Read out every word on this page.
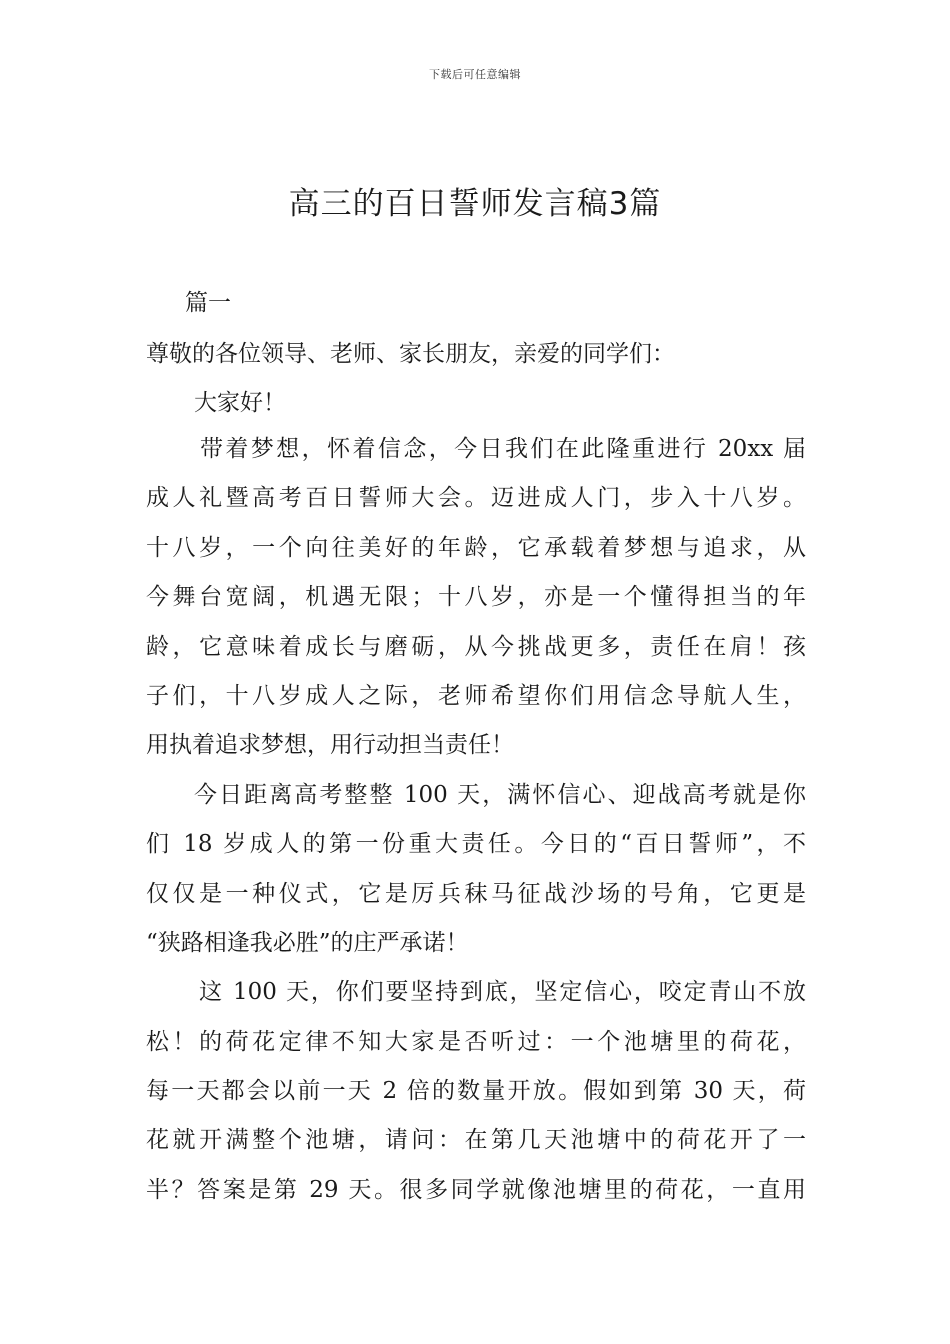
下载后可任意编辑
高三的百日誓师发言稿3篇
篇一
尊敬的各位领导、老师、家长朋友，亲爱的同学们：
大家好！
带着梦想，怀着信念，今日我们在此隆重进行 20xx 届
成人礼暨高考百日誓师大会。迈进成人门，步入十八岁。
十八岁，一个向往美好的年龄，它承载着梦想与追求，从
今舞台宽阔，机遇无限；十八岁，亦是一个懂得担当的年
龄，它意味着成长与磨砺，从今挑战更多，责任在肩！孩
子们，十八岁成人之际，老师希望你们用信念导航人生，
用执着追求梦想，用行动担当责任！
今日距离高考整整 100 天，满怀信心、迎战高考就是你
们 18 岁成人的第一份重大责任。今日的“百日誓师”，不
仅仅是一种仪式，它是厉兵秣马征战沙场的号角，它更是
“狭路相逢我必胜”的庄严承诺！
这 100 天，你们要坚持到底，坚定信心，咬定青山不放
松！的荷花定律不知大家是否听过：一个池塘里的荷花，
每一天都会以前一天 2 倍的数量开放。假如到第 30 天，荷
花就开满整个池塘，请问：在第几天池塘中的荷花开了一
半？答案是第 29 天。很多同学就像池塘里的荷花，一直用
